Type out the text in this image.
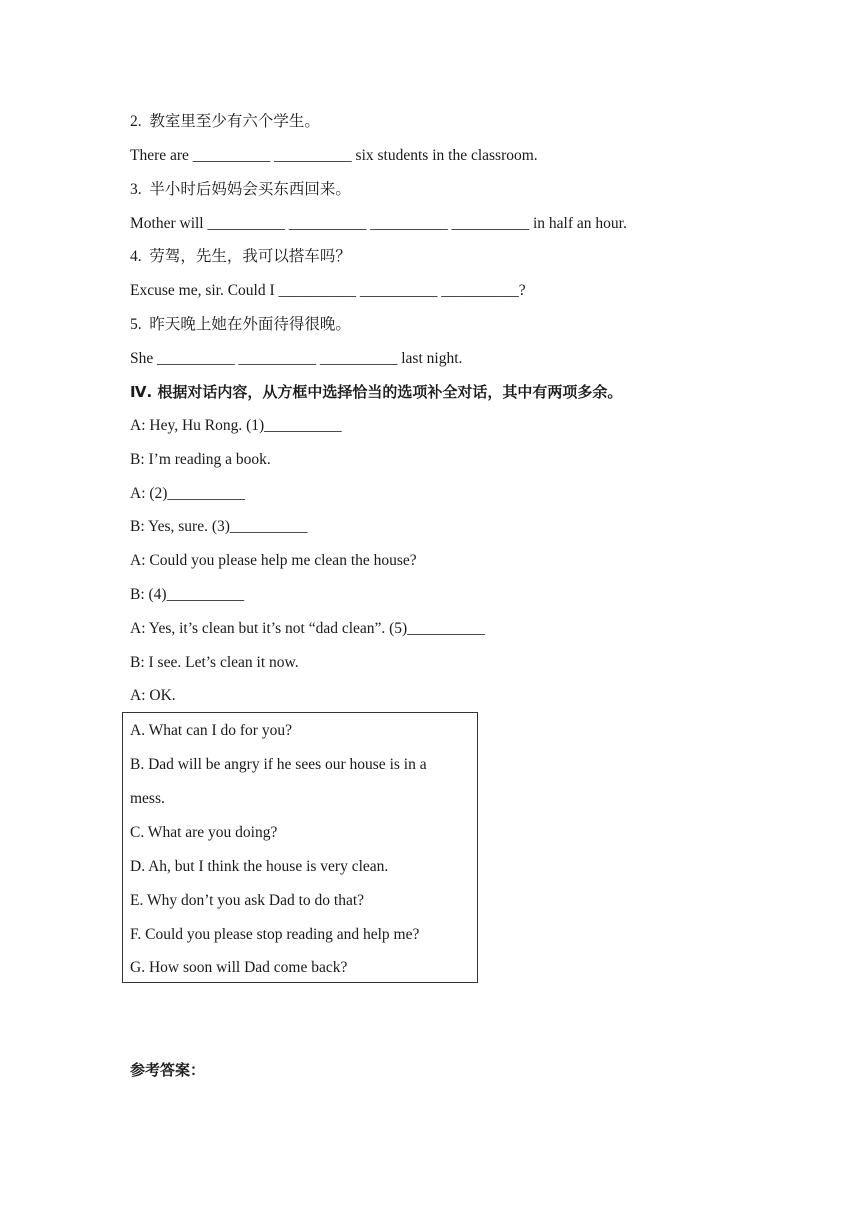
2.  教室里至少有六个学生。
There are __________ __________ six students in the classroom.
3.  半小时后妈妈会买东西回来。
Mother will __________ __________ __________ __________ in half an hour.
4.  劳驾，先生，我可以搭车吗？
Excuse me, sir. Could I __________ __________ __________?
5.  昨天晚上她在外面待得很晚。
She __________ __________ __________ last night.
Ⅳ. 根据对话内容，从方框中选择恰当的选项补全对话，其中有两项多余。
A: Hey, Hu Rong. (1)__________
B: I’m reading a book.
A: (2)__________
B: Yes, sure. (3)__________
A: Could you please help me clean the house?
B: (4)__________
A: Yes, it’s clean but it’s not “dad clean”. (5)__________
B: I see. Let’s clean it now.
A: OK.
A. What can I do for you?
B. Dad will be angry if he sees our house is in a
mess.
C. What are you doing?
D. Ah, but I think the house is very clean.
E. Why don’t you ask Dad to do that?
F. Could you please stop reading and help me?
G. How soon will Dad come back?
参考答案：
